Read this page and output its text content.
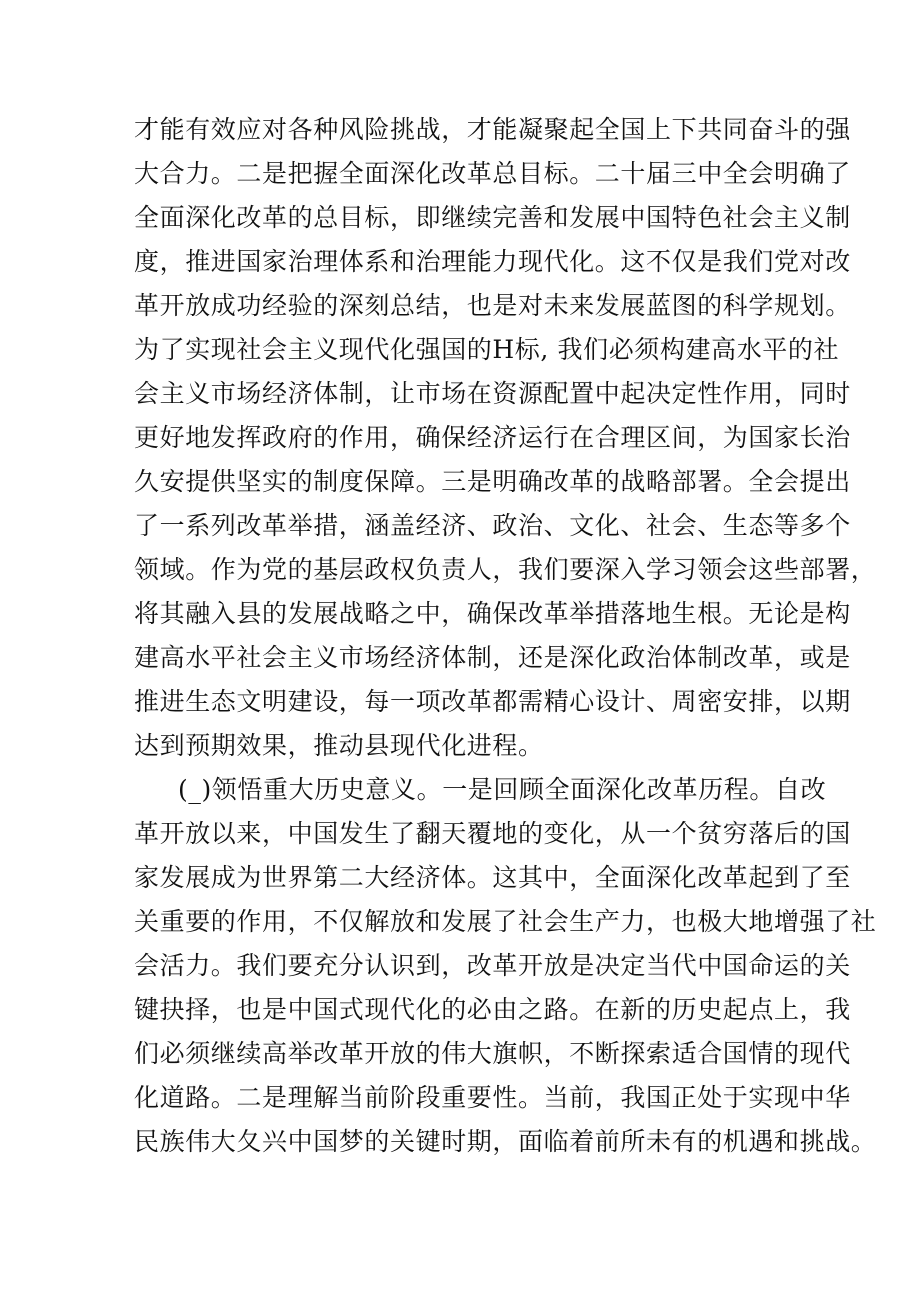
才能有效应对各种风险挑战，才能凝聚起全国上下共同奋斗的强
大合力。二是把握全面深化改革总目标。二十届三中全会明确了
全面深化改革的总目标，即继续完善和发展中国特色社会主义制
度，推进国家治理体系和治理能力现代化。这不仅是我们党对改
革开放成功经验的深刻总结，也是对未来发展蓝图的科学规划。
为了实现社会主义现代化强国的H标, 我们必须构建高水平的社
会主义市场经济体制，让市场在资源配置中起决定性作用，同时
更好地发挥政府的作用，确保经济运行在合理区间，为国家长治
久安提供坚实的制度保障。三是明确改革的战略部署。全会提出
了一系列改革举措，涵盖经济、政治、文化、社会、生态等多个
领域。作为党的基层政权负责人，我们要深入学习领会这些部署，
将其融入县的发展战略之中，确保改革举措落地生根。无论是构
建高水平社会主义市场经济体制，还是深化政治体制改革，或是
推进生态文明建设，每一项改革都需精心设计、周密安排，以期
达到预期效果，推动县现代化进程。
(_)领悟重大历史意义。一是回顾全面深化改革历程。自改
革开放以来，中国发生了翻天覆地的变化，从一个贫穷落后的国
家发展成为世界第二大经济体。这其中，全面深化改革起到了至
关重要的作用，不仅解放和发展了社会生产力，也极大地增强了社
会活力。我们要充分认识到，改革开放是决定当代中国命运的关
键抉择，也是中国式现代化的必由之路。在新的历史起点上，我
们必须继续高举改革开放的伟大旗帜，不断探索适合国情的现代
化道路。二是理解当前阶段重要性。当前，我国正处于实现中华
民族伟大夂兴中国梦的关键时期，面临着前所未有的机遇和挑战。
